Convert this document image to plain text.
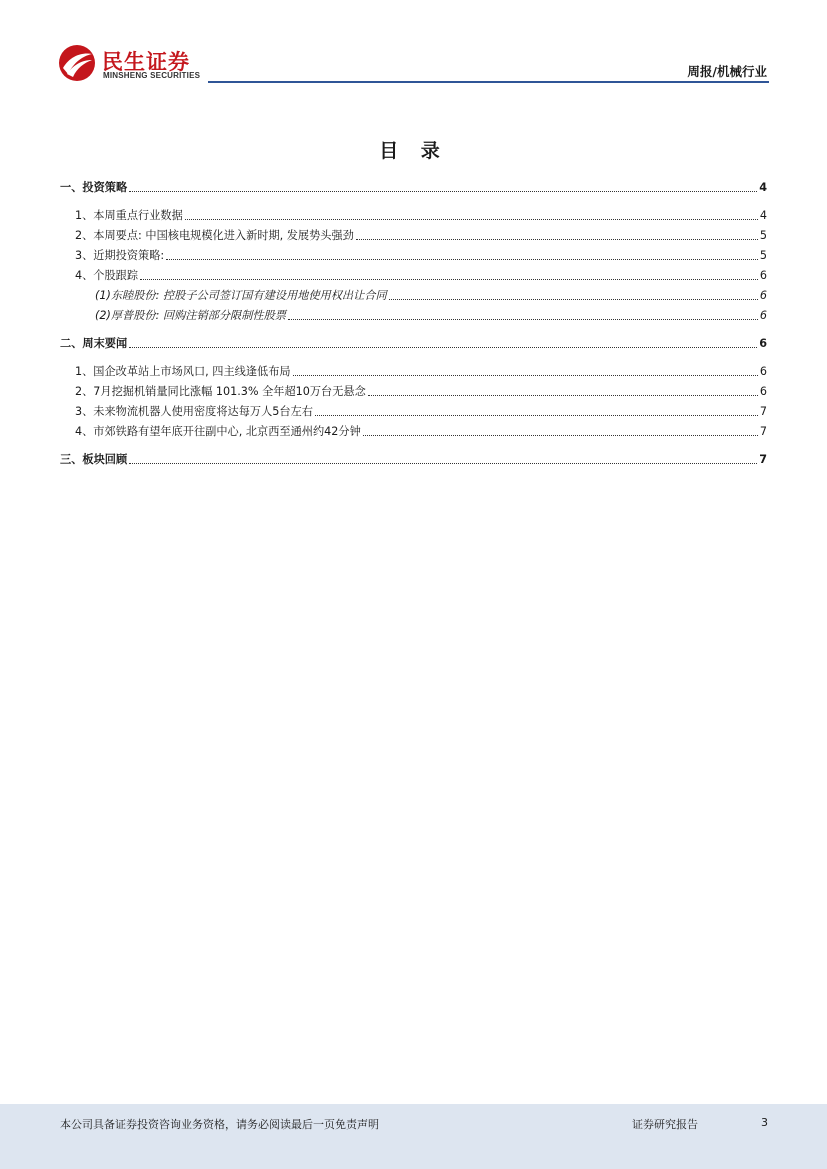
民生证券
MINSHENG SECURITIES	周报/机械行业
目 录
一、投资策略	4
1、本周重点行业数据	4
2、本周要点: 中国核电规模化进入新时期, 发展势头强劲	5
3、近期投资策略:	5
4、个股跟踪	6
(1)东睦股份: 控股子公司签订国有建设用地使用权出让合同	6
(2)厚普股份: 回购注销部分限制性股票	6
二、周末要闻	6
1、国企改革站上市场风口, 四主线逢低布局	6
2、7月挖掘机销量同比涨幅 101.3% 全年超10万台无悬念	6
3、未来物流机器人使用密度将达每万人5台左右	7
4、市郊铁路有望年底开往副中心, 北京西至通州约42分钟	7
三、板块回顾	7
本公司具备证券投资咨询业务资格，请务必阅读最后一页免责声明	证券研究报告	3
